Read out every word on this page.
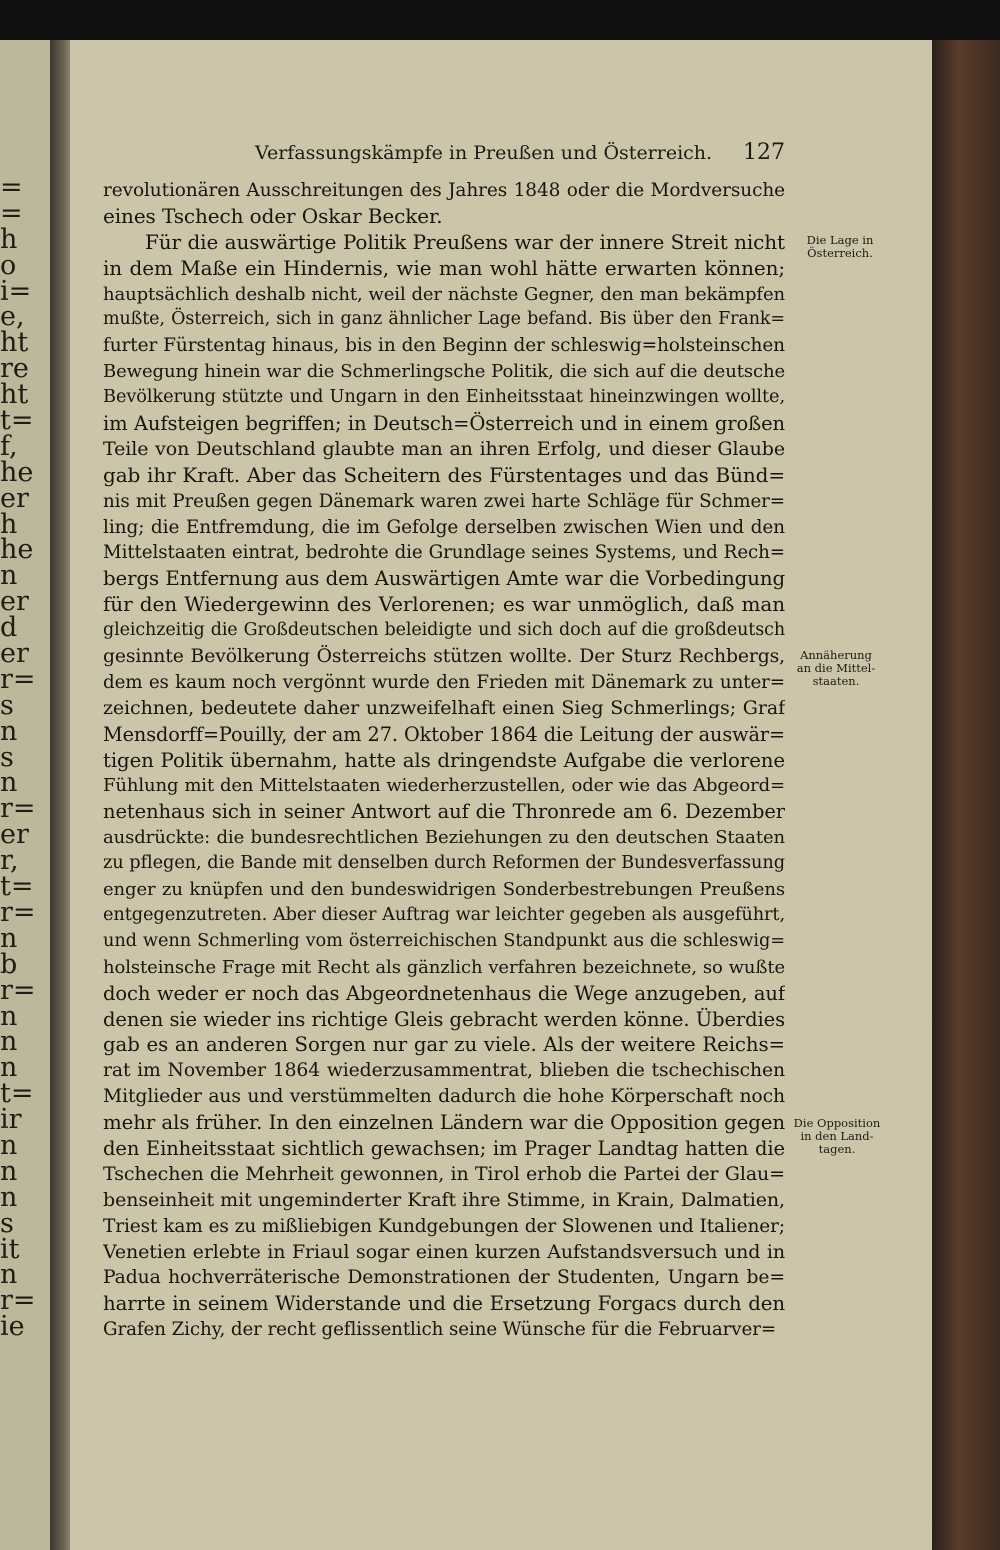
=
=
h
o
i=
e,
ht
re
ht
t=
f,
he
er
h
he
n
er
d
er
r=
s
n
s
n
r=
er
r,
t=
r=
n
b
r=
n
n
n
t=
ir
n
n
n
s
it
n
r=
ie
Verfassungskämpfe in Preußen und Österreich. 127
revolutionären Ausschreitungen des Jahres 1848 oder die Mordversuche
eines Tschech oder Oskar Becker.
Für die auswärtige Politik Preußens war der innere Streit nicht
in dem Maße ein Hindernis, wie man wohl hätte erwarten können;
hauptsächlich deshalb nicht, weil der nächste Gegner, den man bekämpfen
mußte, Österreich, sich in ganz ähnlicher Lage befand. Bis über den Frank=
furter Fürstentag hinaus, bis in den Beginn der schleswig=holsteinschen
Bewegung hinein war die Schmerlingsche Politik, die sich auf die deutsche
Bevölkerung stützte und Ungarn in den Einheitsstaat hineinzwingen wollte,
im Aufsteigen begriffen; in Deutsch=Österreich und in einem großen
Teile von Deutschland glaubte man an ihren Erfolg, und dieser Glaube
gab ihr Kraft. Aber das Scheitern des Fürstentages und das Bünd=
nis mit Preußen gegen Dänemark waren zwei harte Schläge für Schmer=
ling; die Entfremdung, die im Gefolge derselben zwischen Wien und den
Mittelstaaten eintrat, bedrohte die Grundlage seines Systems, und Rech=
bergs Entfernung aus dem Auswärtigen Amte war die Vorbedingung
für den Wiedergewinn des Verlorenen; es war unmöglich, daß man
gleichzeitig die Großdeutschen beleidigte und sich doch auf die großdeutsch
gesinnte Bevölkerung Österreichs stützen wollte. Der Sturz Rechbergs,
dem es kaum noch vergönnt wurde den Frieden mit Dänemark zu unter=
zeichnen, bedeutete daher unzweifelhaft einen Sieg Schmerlings; Graf
Mensdorff=Pouilly, der am 27. Oktober 1864 die Leitung der auswär=
tigen Politik übernahm, hatte als dringendste Aufgabe die verlorene
Fühlung mit den Mittelstaaten wiederherzustellen, oder wie das Abgeord=
netenhaus sich in seiner Antwort auf die Thronrede am 6. Dezember
ausdrückte: die bundesrechtlichen Beziehungen zu den deutschen Staaten
zu pflegen, die Bande mit denselben durch Reformen der Bundesverfassung
enger zu knüpfen und den bundeswidrigen Sonderbestrebungen Preußens
entgegenzutreten. Aber dieser Auftrag war leichter gegeben als ausgeführt,
und wenn Schmerling vom österreichischen Standpunkt aus die schleswig=
holsteinsche Frage mit Recht als gänzlich verfahren bezeichnete, so wußte
doch weder er noch das Abgeordnetenhaus die Wege anzugeben, auf
denen sie wieder ins richtige Gleis gebracht werden könne. Überdies
gab es an anderen Sorgen nur gar zu viele. Als der weitere Reichs=
rat im November 1864 wiederzusammentrat, blieben die tschechischen
Mitglieder aus und verstümmelten dadurch die hohe Körperschaft noch
mehr als früher. In den einzelnen Ländern war die Opposition gegen
den Einheitsstaat sichtlich gewachsen; im Prager Landtag hatten die
Tschechen die Mehrheit gewonnen, in Tirol erhob die Partei der Glau=
benseinheit mit ungeminderter Kraft ihre Stimme, in Krain, Dalmatien,
Triest kam es zu mißliebigen Kundgebungen der Slowenen und Italiener;
Venetien erlebte in Friaul sogar einen kurzen Aufstandsversuch und in
Padua hochverräterische Demonstrationen der Studenten, Ungarn be=
harrte in seinem Widerstande und die Ersetzung Forgacs durch den
Grafen Zichy, der recht geflissentlich seine Wünsche für die Februarver=

Die Lage in
Österreich.

Annäherung
an die Mittel-
staaten.

Die Opposition
in den Land-
tagen.
